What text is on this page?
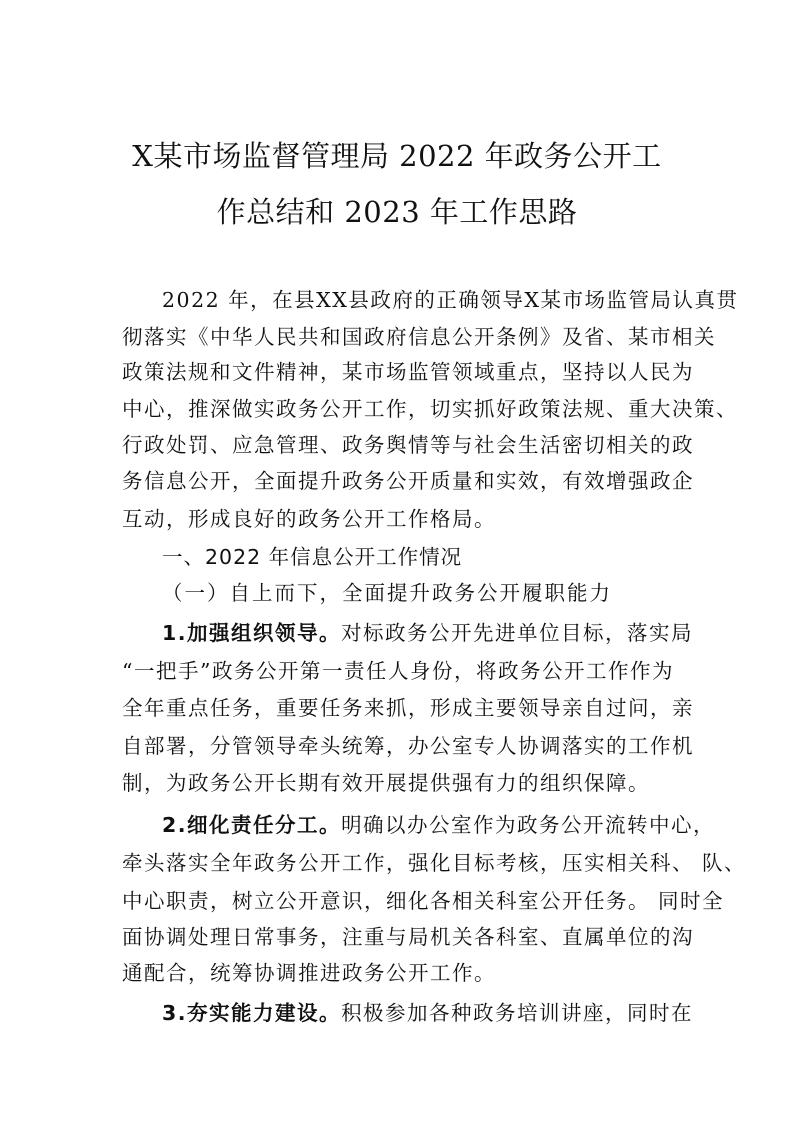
X某市场监督管理局 2022 年政务公开工
作总结和 2023 年工作思路
2022 年，在县XX县政府的正确领导X某市场监管局认真贯
彻落实《中华人民共和国政府信息公开条例》及省、某市相关
政策法规和文件精神，某市场监管领域重点，坚持以人民为
中心，推深做实政务公开工作，切实抓好政策法规、重大决策、
行政处罚、应急管理、政务舆情等与社会生活密切相关的政
务信息公开，全面提升政务公开质量和实效，有效增强政企
互动，形成良好的政务公开工作格局。
一、2022 年信息公开工作情况
（一）自上而下，全面提升政务公开履职能力
1.加强组织领导。对标政务公开先进单位目标，落实局
“一把手”政务公开第一责任人身份，将政务公开工作作为
全年重点任务，重要任务来抓，形成主要领导亲自过问，亲
自部署，分管领导牵头统筹，办公室专人协调落实的工作机
制，为政务公开长期有效开展提供强有力的组织保障。
2.细化责任分工。明确以办公室作为政务公开流转中心，
牵头落实全年政务公开工作，强化目标考核，压实相关科、 队、
中心职责，树立公开意识，细化各相关科室公开任务。 同时全
面协调处理日常事务，注重与局机关各科室、直属单位的沟
通配合，统筹协调推进政务公开工作。
3.夯实能力建设。积极参加各种政务培训讲座，同时在
